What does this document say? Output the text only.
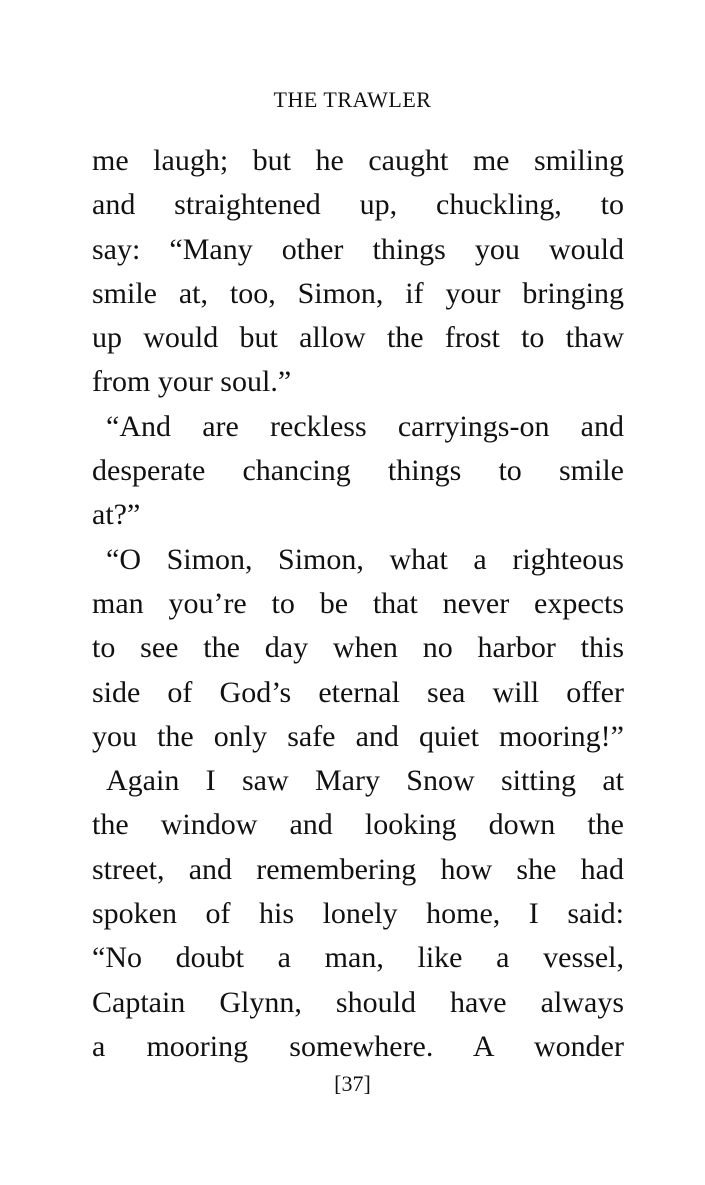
THE TRAWLER
me laugh; but he caught me smiling
and straightened up, chuckling, to
say: “Many other things you would
smile at, too, Simon, if your bringing
up would but allow the frost to thaw
from your soul.”
“And are reckless carryings-on and
desperate chancing things to smile
at?”
“O Simon, Simon, what a righteous
man you’re to be that never expects
to see the day when no harbor this
side of God’s eternal sea will offer
you the only safe and quiet mooring!”
Again I saw Mary Snow sitting at
the window and looking down the
street, and remembering how she had
spoken of his lonely home, I said:
“No doubt a man, like a vessel,
Captain Glynn, should have always
a mooring somewhere. A wonder
[37]
